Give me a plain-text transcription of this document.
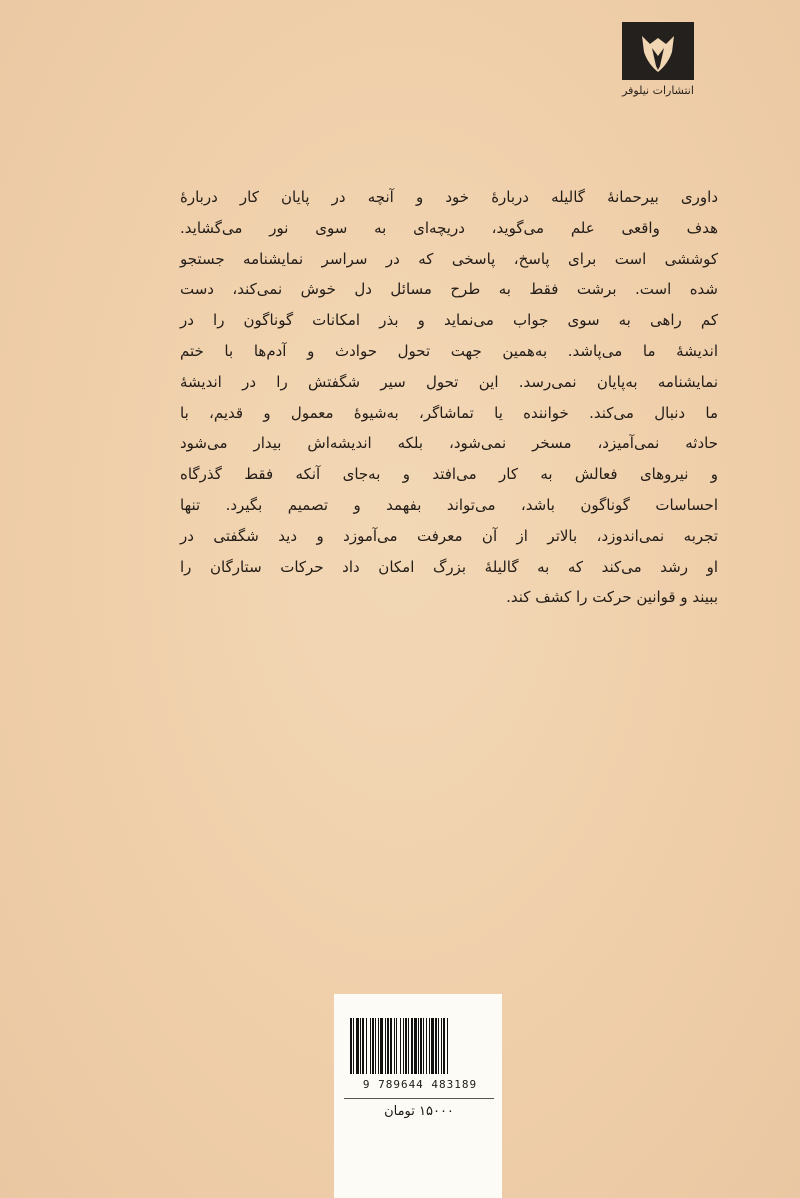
انتشارات نیلوفر
داوری بیرحمانهٔ گالیله دربارهٔ خود و آنچه در پایان کار دربارهٔ
هدف واقعی علم می‌گوید، دریچه‌ای به سوی نور می‌گشاید.
کوششی است برای پاسخ، پاسخی که در سراسر نمایشنامه جستجو
شده است. برشت فقط به طرح مسائل دل خوش نمی‌کند، دست
کم راهی به سوی جواب می‌نماید و بذر امکانات گوناگون را در
اندیشهٔ ما می‌پاشد. به‌همین جهت تحول حوادث و آدم‌ها با ختم
نمایشنامه به‌پایان نمی‌رسد. این تحول سیر شگفتش را در اندیشهٔ
ما دنبال می‌کند. خواننده یا تماشاگر، به‌شیوهٔ معمول و قدیم، با
حادثه نمی‌آمیزد، مسخر نمی‌شود، بلکه اندیشه‌اش بیدار می‌شود
و نیروهای فعالش به کار می‌افتد و به‌جای آنکه فقط گذرگاه
احساسات گوناگون باشد، می‌تواند بفهمد و تصمیم بگیرد. تنها
تجربه نمی‌اندوزد، بالاتر از آن معرفت می‌آموزد و دید شگفتی در
او رشد می‌کند که به گالیلهٔ بزرگ امکان داد حرکات ستارگان را
ببیند و قوانین حرکت را کشف کند.
9 789644 483189
۱۵۰۰۰ تومان
